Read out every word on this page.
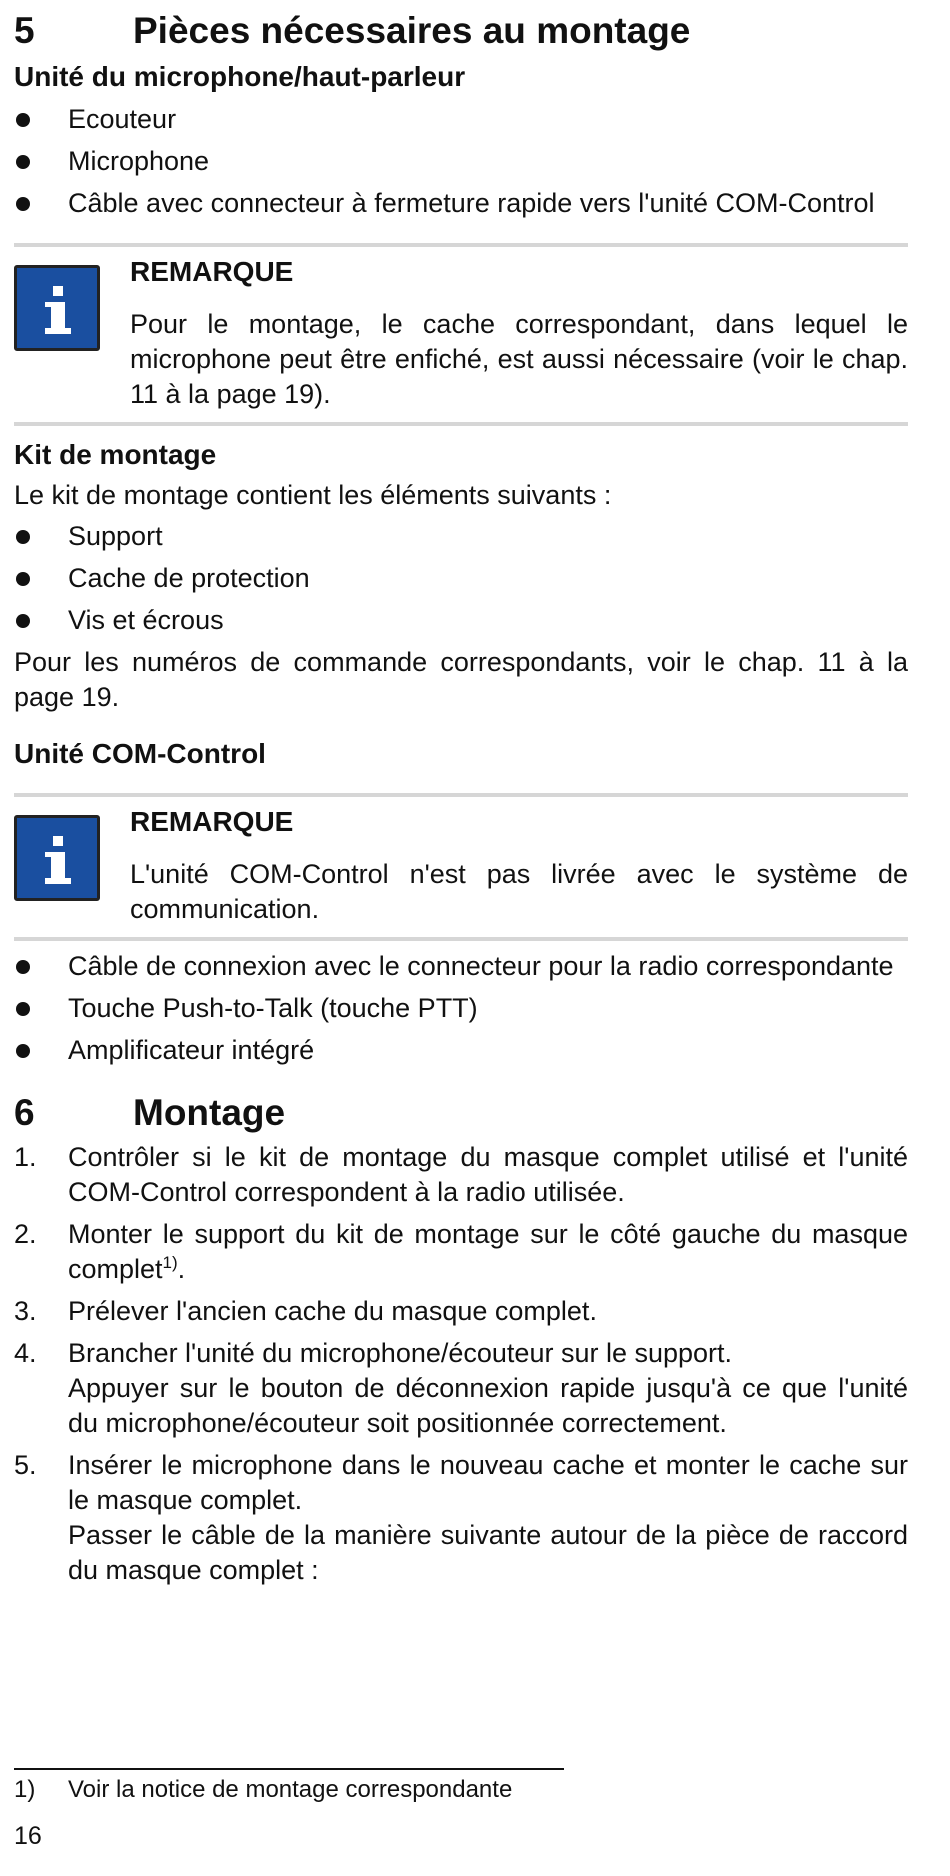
5	Pièces nécessaires au montage
Unité du microphone/haut-parleur
Ecouteur
Microphone
Câble avec connecteur à fermeture rapide vers l'unité COM-Control
REMARQUE
Pour le montage, le cache correspondant, dans lequel le microphone peut être enfiché, est aussi nécessaire (voir le chap. 11 à la page 19).
Kit de montage
Le kit de montage contient les éléments suivants :
Support
Cache de protection
Vis et écrous
Pour les numéros de commande correspondants, voir le chap. 11 à la page 19.
Unité COM-Control
REMARQUE
L'unité COM-Control n'est pas livrée avec le système de communication.
Câble de connexion avec le connecteur pour la radio correspondante
Touche Push-to-Talk (touche PTT)
Amplificateur intégré
6	Montage
1. Contrôler si le kit de montage du masque complet utilisé et l'unité COM-Control correspondent à la radio utilisée.
2. Monter le support du kit de montage sur le côté gauche du masque complet$^{1)}$.
3. Prélever l'ancien cache du masque complet.
4. Brancher l'unité du microphone/écouteur sur le support.
Appuyer sur le bouton de déconnexion rapide jusqu'à ce que l'unité du microphone/écouteur soit positionnée correctement.
5. Insérer le microphone dans le nouveau cache et monter le cache sur le masque complet.
Passer le câble de la manière suivante autour de la pièce de raccord du masque complet :
1)	Voir la notice de montage correspondante
16
